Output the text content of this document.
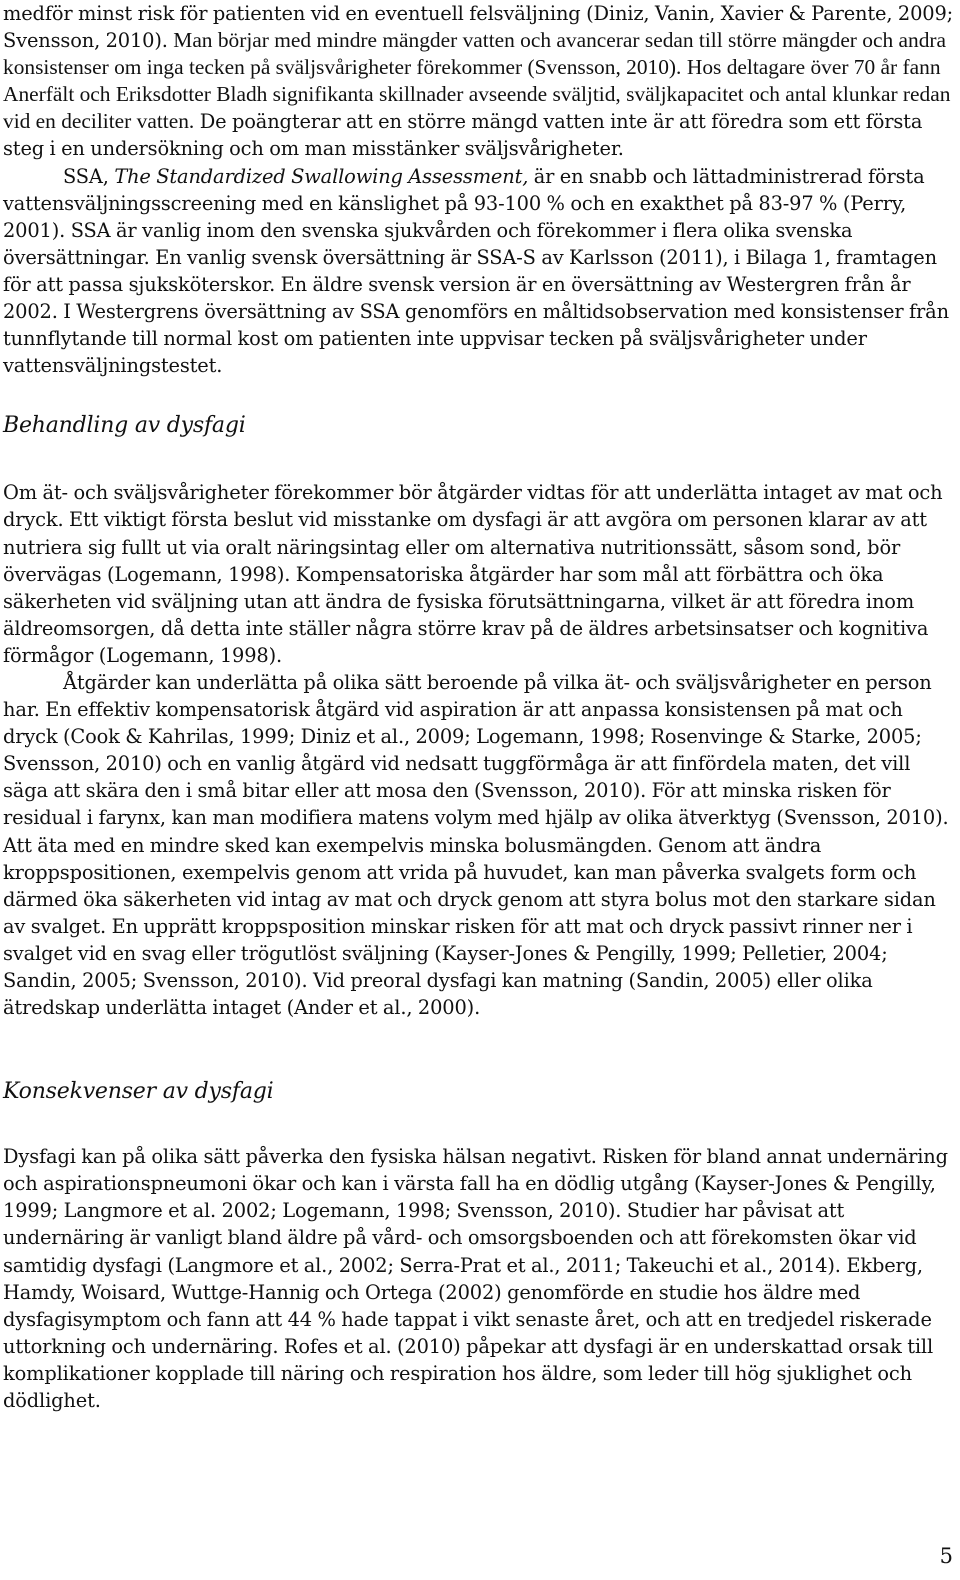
medför minst risk för patienten vid en eventuell felsväljning (Diniz, Vanin, Xavier & Parente, 2009; Svensson, 2010). Man börjar med mindre mängder vatten och avancerar sedan till större mängder och andra konsistenser om inga tecken på sväljsvårigheter förekommer (Svensson, 2010). Hos deltagare över 70 år fann Anerfält och Eriksdotter Bladh signifikanta skillnader avseende sväljtid, sväljkapacitet och antal klunkar redan vid en deciliter vatten. De poängterar att en större mängd vatten inte är att föredra som ett första steg i en undersökning och om man misstänker sväljsvårigheter.

SSA, The Standardized Swallowing Assessment, är en snabb och lättadministrerad första vattensväljningsscreening med en känslighet på 93-100 % och en exakthet på 83-97 % (Perry, 2001). SSA är vanlig inom den svenska sjukvården och förekommer i flera olika svenska översättningar. En vanlig svensk översättning är SSA-S av Karlsson (2011), i Bilaga 1, framtagen för att passa sjuksköterskor. En äldre svensk version är en översättning av Westergren från år 2002. I Westergrens översättning av SSA genomförs en måltidsobservation med konsistenser från tunnflytande till normal kost om patienten inte uppvisar tecken på sväljsvårigheter under vattensväljningstestet.

Behandling av dysfagi

Om ät- och sväljsvårigheter förekommer bör åtgärder vidtas för att underlätta intaget av mat och dryck. Ett viktigt första beslut vid misstanke om dysfagi är att avgöra om personen klarar av att nutriera sig fullt ut via oralt näringsintag eller om alternativa nutritionssätt, såsom sond, bör övervägas (Logemann, 1998). Kompensatoriska åtgärder har som mål att förbättra och öka säkerheten vid sväljning utan att ändra de fysiska förutsättningarna, vilket är att föredra inom äldreomsorgen, då detta inte ställer några större krav på de äldres arbetsinsatser och kognitiva förmågor (Logemann, 1998).

Åtgärder kan underlätta på olika sätt beroende på vilka ät- och sväljsvårigheter en person har. En effektiv kompensatorisk åtgärd vid aspiration är att anpassa konsistensen på mat och dryck (Cook & Kahrilas, 1999; Diniz et al., 2009; Logemann, 1998; Rosenvinge & Starke, 2005; Svensson, 2010) och en vanlig åtgärd vid nedsatt tuggförmåga är att finfördela maten, det vill säga att skära den i små bitar eller att mosa den (Svensson, 2010). För att minska risken för residual i farynx, kan man modifiera matens volym med hjälp av olika ätverktyg (Svensson, 2010). Att äta med en mindre sked kan exempelvis minska bolusmängden. Genom att ändra kroppspositionen, exempelvis genom att vrida på huvudet, kan man påverka svalgets form och därmed öka säkerheten vid intag av mat och dryck genom att styra bolus mot den starkare sidan av svalget. En upprätt kroppsposition minskar risken för att mat och dryck passivt rinner ner i svalget vid en svag eller trögutlöst sväljning (Kayser-Jones & Pengilly, 1999; Pelletier, 2004; Sandin, 2005; Svensson, 2010). Vid preoral dysfagi kan matning (Sandin, 2005) eller olika ätredskap underlätta intaget (Ander et al., 2000).

Konsekvenser av dysfagi

Dysfagi kan på olika sätt påverka den fysiska hälsan negativt. Risken för bland annat undernäring och aspirationspneumoni ökar och kan i värsta fall ha en dödlig utgång (Kayser-Jones & Pengilly, 1999; Langmore et al. 2002; Logemann, 1998; Svensson, 2010). Studier har påvisat att undernäring är vanligt bland äldre på vård- och omsorgsboenden och att förekomsten ökar vid samtidig dysfagi (Langmore et al., 2002; Serra-Prat et al., 2011; Takeuchi et al., 2014). Ekberg, Hamdy, Woisard, Wuttge-Hannig och Ortega (2002) genomförde en studie hos äldre med dysfagisymptom och fann att 44 % hade tappat i vikt senaste året, och att en tredjedel riskerade uttorkning och undernäring. Rofes et al. (2010) påpekar att dysfagi är en underskattad orsak till komplikationer kopplade till näring och respiration hos äldre, som leder till hög sjuklighet och dödlighet.

5
